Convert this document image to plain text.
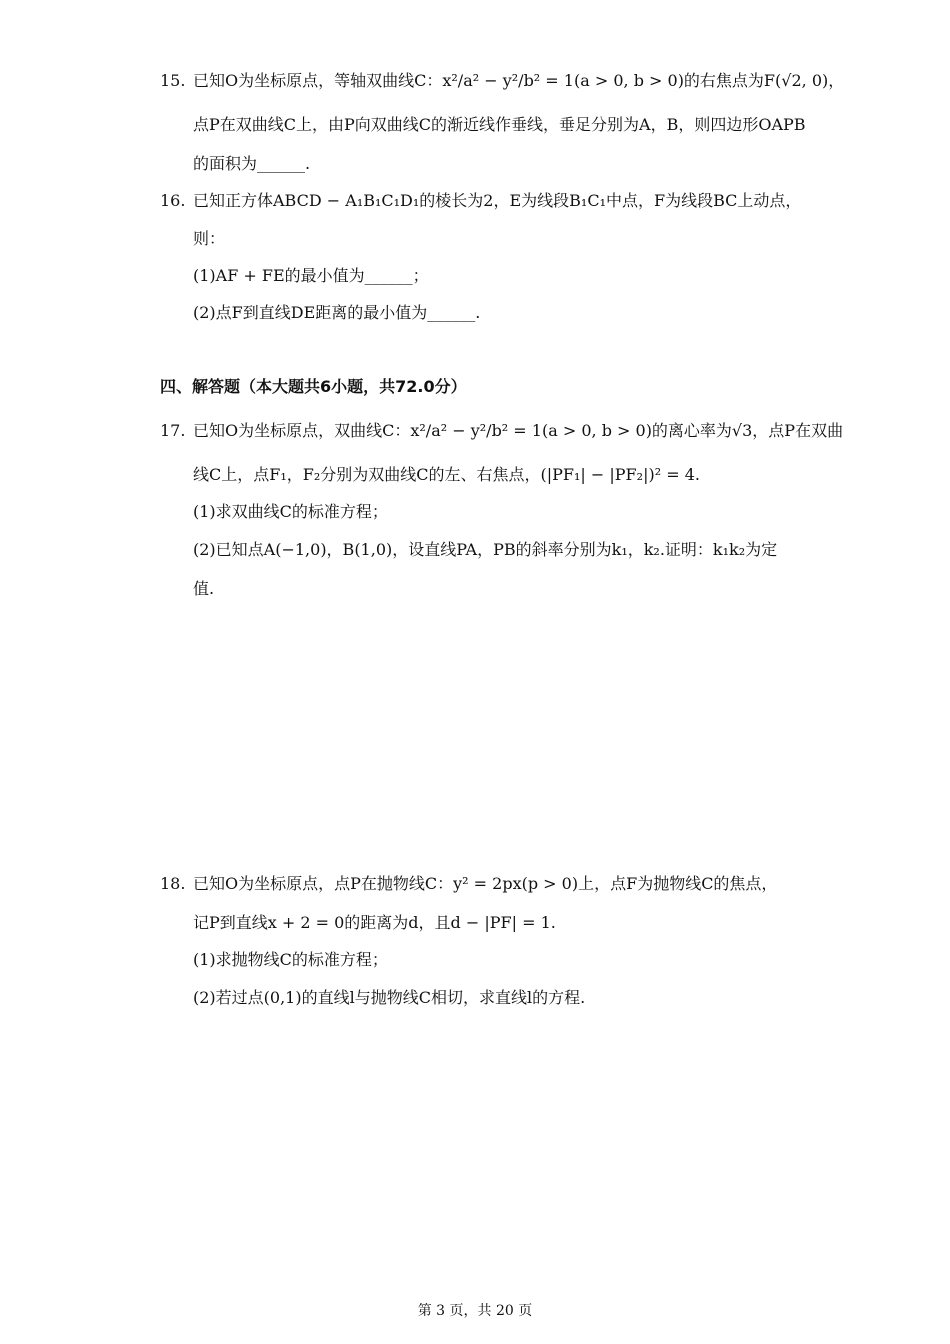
15. 已知O为坐标原点，等轴双曲线C：x²/a² − y²/b² = 1(a > 0, b > 0)的右焦点为F(√2, 0)，
点P在双曲线C上，由P向双曲线C的渐近线作垂线，垂足分别为A，B，则四边形OAPB
的面积为______.
16. 已知正方体ABCD − A₁B₁C₁D₁的棱长为2，E为线段B₁C₁中点，F为线段BC上动点，
则：
(1)AF + FE的最小值为______；
(2)点F到直线DE距离的最小值为______.
四、解答题（本大题共6小题，共72.0分）
17. 已知O为坐标原点，双曲线C：x²/a² − y²/b² = 1(a > 0, b > 0)的离心率为√3，点P在双曲
线C上，点F₁，F₂分别为双曲线C的左、右焦点，(|PF₁| − |PF₂|)² = 4.
(1)求双曲线C的标准方程；
(2)已知点A(−1,0)，B(1,0)，设直线PA，PB的斜率分别为k₁，k₂.证明：k₁k₂为定
值.
18. 已知O为坐标原点，点P在抛物线C：y² = 2px(p > 0)上，点F为抛物线C的焦点，
记P到直线x + 2 = 0的距离为d，且d − |PF| = 1.
(1)求抛物线C的标准方程；
(2)若过点(0,1)的直线l与抛物线C相切，求直线l的方程.
第 3 页，共 20 页
